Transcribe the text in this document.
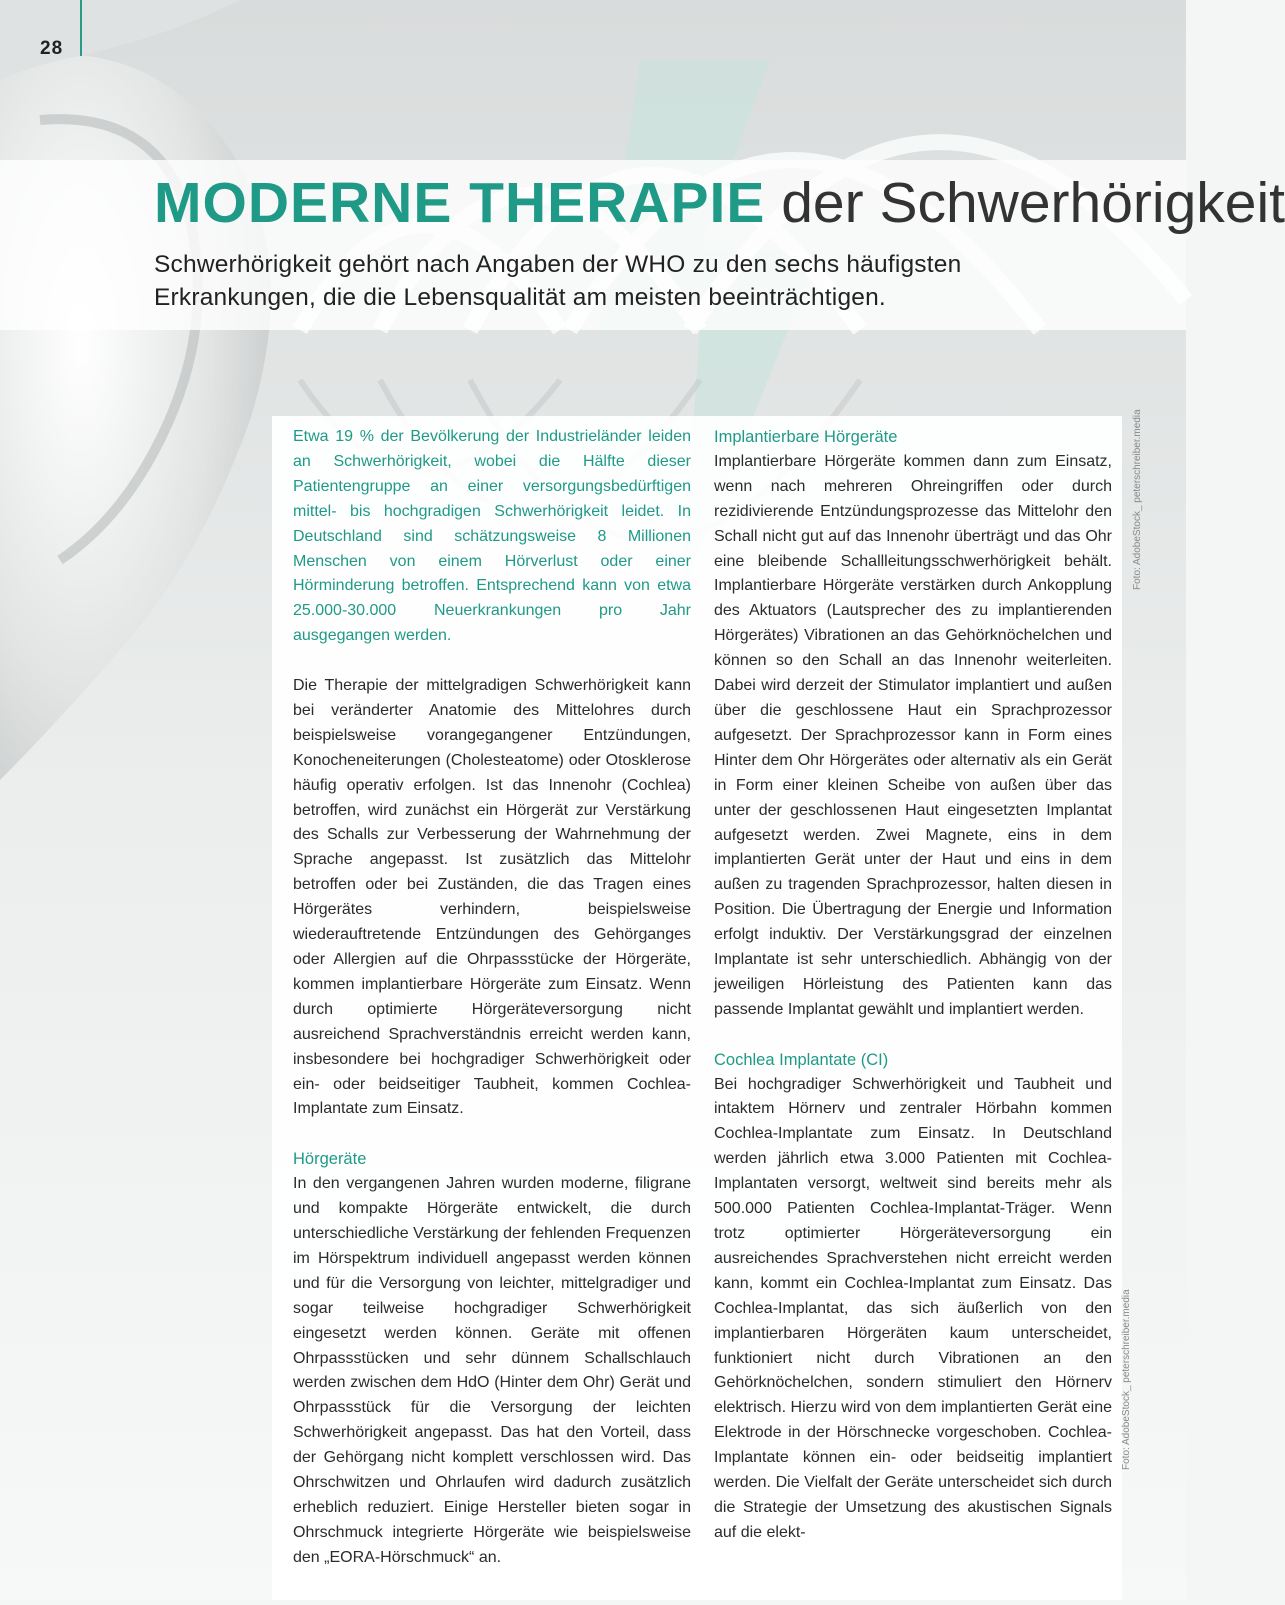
28
MODERNE THERAPIE der Schwerhörigkeit

Schwerhörigkeit gehört nach Angaben der WHO zu den sechs häufigsten Erkrankungen, die die Lebensqualität am meisten beeinträchtigen.

Etwa 19 % der Bevölkerung der Industrieländer leiden an Schwerhörigkeit, wobei die Hälfte dieser Patientengruppe an einer versorgungsbedürftigen mittel- bis hochgradigen Schwerhörigkeit leidet. In Deutschland sind schätzungsweise 8 Millionen Menschen von einem Hörverlust oder einer Hörminderung betroffen. Entsprechend kann von etwa 25.000-30.000 Neuerkrankungen pro Jahr ausgegangen werden.

Die Therapie der mittelgradigen Schwerhörigkeit kann bei veränderter Anatomie des Mittelohres durch beispielsweise vorangegangener Entzündungen, Konocheneiterungen (Cholesteatome) oder Otosklerose häufig operativ erfolgen. Ist das Innenohr (Cochlea) betroffen, wird zunächst ein Hörgerät zur Verstärkung des Schalls zur Verbesserung der Wahrnehmung der Sprache angepasst. Ist zusätzlich das Mittelohr betroffen oder bei Zuständen, die das Tragen eines Hörgerätes verhindern, beispielsweise wiederauftretende Entzündungen des Gehörganges oder Allergien auf die Ohrpassstücke der Hörgeräte, kommen implantierbare Hörgeräte zum Einsatz. Wenn durch optimierte Hörgeräteversorgung nicht ausreichend Sprachverständnis erreicht werden kann, insbesondere bei hochgradiger Schwerhörigkeit oder ein- oder beidseitiger Taubheit, kommen Cochlea-Implantate zum Einsatz.

Hörgeräte

In den vergangenen Jahren wurden moderne, filigrane und kompakte Hörgeräte entwickelt, die durch unterschiedliche Verstärkung der fehlenden Frequenzen im Hörspektrum individuell angepasst werden können und für die Versorgung von leichter, mittelgradiger und sogar teilweise hochgradiger Schwerhörigkeit eingesetzt werden können. Geräte mit offenen Ohrpassstücken und sehr dünnem Schallschlauch werden zwischen dem HdO (Hinter dem Ohr) Gerät und Ohrpassstück für die Versorgung der leichten Schwerhörigkeit angepasst. Das hat den Vorteil, dass der Gehörgang nicht komplett verschlossen wird. Das Ohrschwitzen und Ohrlaufen wird dadurch zusätzlich erheblich reduziert. Einige Hersteller bieten sogar in Ohrschmuck integrierte Hörgeräte wie beispielsweise den „EORA-Hörschmuck“ an.

Implantierbare Hörgeräte

Implantierbare Hörgeräte kommen dann zum Einsatz, wenn nach mehreren Ohreingriffen oder durch rezidivierende Entzündungsprozesse das Mittelohr den Schall nicht gut auf das Innenohr überträgt und das Ohr eine bleibende Schallleitungsschwerhörigkeit behält. Implantierbare Hörgeräte verstärken durch Ankopplung des Aktuators (Lautsprecher des zu implantierenden Hörgerätes) Vibrationen an das Gehörknöchelchen und können so den Schall an das Innenohr weiterleiten. Dabei wird derzeit der Stimulator implantiert und außen über die geschlossene Haut ein Sprachprozessor aufgesetzt. Der Sprachprozessor kann in Form eines Hinter dem Ohr Hörgerätes oder alternativ als ein Gerät in Form einer kleinen Scheibe von außen über das unter der geschlossenen Haut eingesetzten Implantat aufgesetzt werden. Zwei Magnete, eins in dem implantierten Gerät unter der Haut und eins in dem außen zu tragenden Sprachprozessor, halten diesen in Position. Die Übertragung der Energie und Information erfolgt induktiv. Der Verstärkungsgrad der einzelnen Implantate ist sehr unterschiedlich. Abhängig von der jeweiligen Hörleistung des Patienten kann das passende Implantat gewählt und implantiert werden.

Cochlea Implantate (CI)

Bei hochgradiger Schwerhörigkeit und Taubheit und intaktem Hörnerv und zentraler Hörbahn kommen Cochlea-Implantate zum Einsatz. In Deutschland werden jährlich etwa 3.000 Patienten mit Cochlea- Implantaten versorgt, weltweit sind bereits mehr als 500.000 Patienten Cochlea-Implantat-Träger. Wenn trotz optimierter Hörgeräteversorgung ein ausreichendes Sprachverstehen nicht erreicht werden kann, kommt ein Cochlea-Implantat zum Einsatz. Das Cochlea-Implantat, das sich äußerlich von den implantierbaren Hörgeräten kaum unterscheidet, funktioniert nicht durch Vibrationen an den Gehörknöchelchen, sondern stimuliert den Hörnerv elektrisch. Hierzu wird von dem implantierten Gerät eine Elektrode in der Hörschnecke vorgeschoben. Cochlea-Implantate können ein- oder beidseitig implantiert werden. Die Vielfalt der Geräte unterscheidet sich durch die Strategie der Umsetzung des akustischen Signals auf die elekt-

Foto: AdobeStock_ peterschreiber.media
Foto: AdobeStock_ peterschreiber.media
